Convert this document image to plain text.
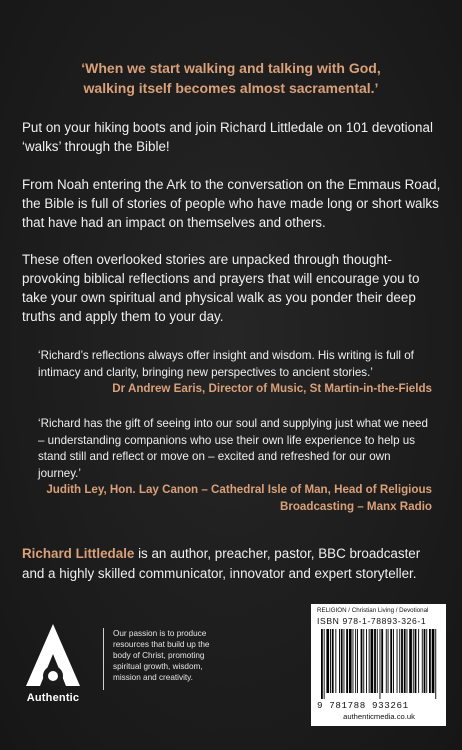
‘When we start walking and talking with God,
walking itself becomes almost sacramental.’
Put on your hiking boots and join Richard Littledale on 101 devotional ‘walks’ through the Bible!
From Noah entering the Ark to the conversation on the Emmaus Road, the Bible is full of stories of people who have made long or short walks that have had an impact on themselves and others.
These often overlooked stories are unpacked through thought-provoking biblical reflections and prayers that will encourage you to take your own spiritual and physical walk as you ponder their deep truths and apply them to your day.
‘Richard’s reflections always offer insight and wisdom. His writing is full of intimacy and clarity, bringing new perspectives to ancient stories.’
Dr Andrew Earis, Director of Music, St Martin-in-the-Fields
‘Richard has the gift of seeing into our soul and supplying just what we need – understanding companions who use their own life experience to help us stand still and reflect or move on – excited and refreshed for our own journey.’
Judith Ley, Hon. Lay Canon – Cathedral Isle of Man, Head of Religious Broadcasting – Manx Radio
Richard Littledale is an author, preacher, pastor, BBC broadcaster and a highly skilled communicator, innovator and expert storyteller.
Authentic
Our passion is to produce resources that build up the body of Christ, promoting spiritual growth, wisdom, mission and creativity.
RELIGION / Christian Living / Devotional
ISBN 978-1-78893-326-1
9 781788 933261
authenticmedia.co.uk
